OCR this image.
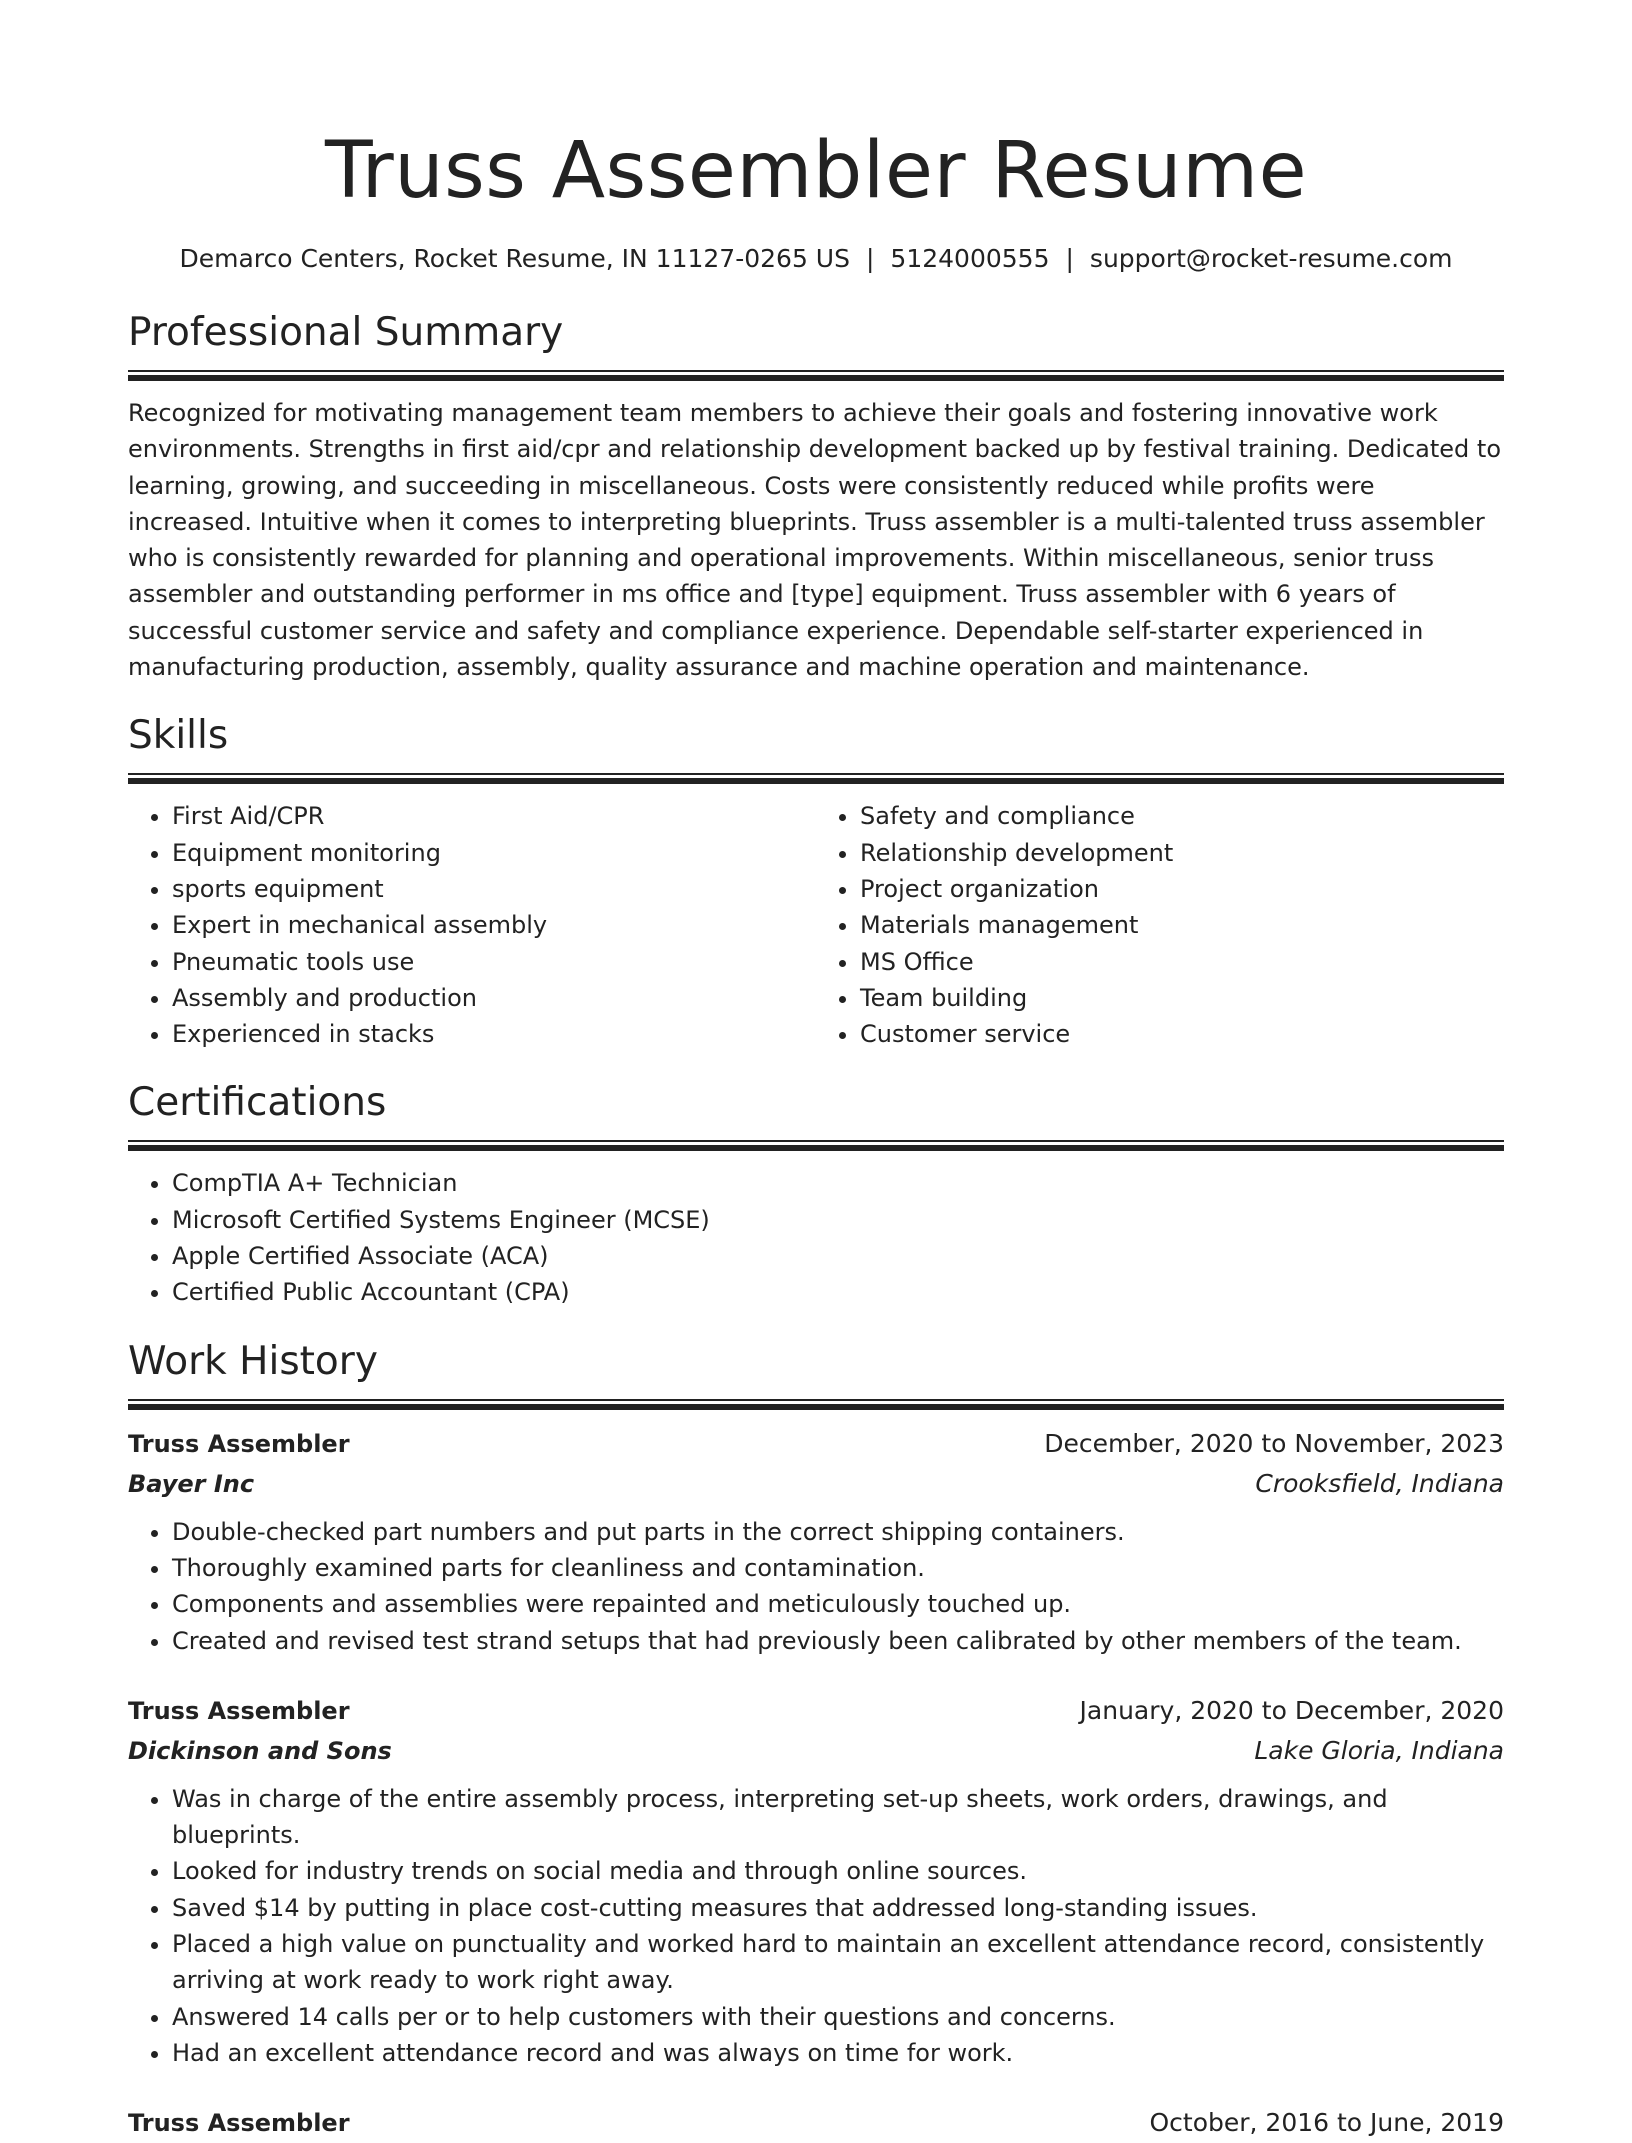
Truss Assembler Resume
Demarco Centers, Rocket Resume, IN 11127-0265 US | 5124000555 | support@rocket-resume.com
Professional Summary
Recognized for motivating management team members to achieve their goals and fostering innovative work environments. Strengths in first aid/cpr and relationship development backed up by festival training. Dedicated to learning, growing, and succeeding in miscellaneous. Costs were consistently reduced while profits were increased. Intuitive when it comes to interpreting blueprints. Truss assembler is a multi-talented truss assembler who is consistently rewarded for planning and operational improvements. Within miscellaneous, senior truss assembler and outstanding performer in ms office and [type] equipment. Truss assembler with 6 years of successful customer service and safety and compliance experience. Dependable self-starter experienced in manufacturing production, assembly, quality assurance and machine operation and maintenance.
Skills
• First Aid/CPR
• Equipment monitoring
• sports equipment
• Expert in mechanical assembly
• Pneumatic tools use
• Assembly and production
• Experienced in stacks
• Safety and compliance
• Relationship development
• Project organization
• Materials management
• MS Office
• Team building
• Customer service
Certifications
• CompTIA A+ Technician
• Microsoft Certified Systems Engineer (MCSE)
• Apple Certified Associate (ACA)
• Certified Public Accountant (CPA)
Work History
Truss Assembler	December, 2020 to November, 2023
Bayer Inc	Crooksfield, Indiana
• Double-checked part numbers and put parts in the correct shipping containers.
• Thoroughly examined parts for cleanliness and contamination.
• Components and assemblies were repainted and meticulously touched up.
• Created and revised test strand setups that had previously been calibrated by other members of the team.
Truss Assembler	January, 2020 to December, 2020
Dickinson and Sons	Lake Gloria, Indiana
• Was in charge of the entire assembly process, interpreting set-up sheets, work orders, drawings, and blueprints.
• Looked for industry trends on social media and through online sources.
• Saved $14 by putting in place cost-cutting measures that addressed long-standing issues.
• Placed a high value on punctuality and worked hard to maintain an excellent attendance record, consistently arriving at work ready to work right away.
• Answered 14 calls per or to help customers with their questions and concerns.
• Had an excellent attendance record and was always on time for work.
Truss Assembler	October, 2016 to June, 2019
